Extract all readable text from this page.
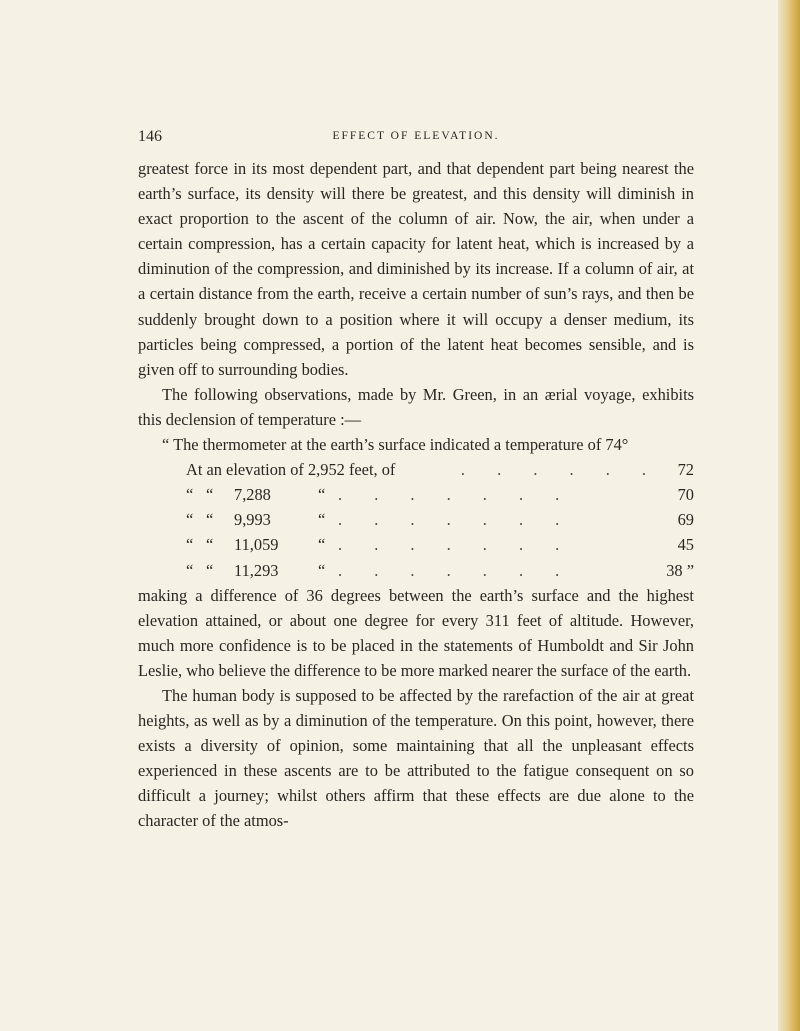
146	EFFECT OF ELEVATION.

greatest force in its most dependent part, and that dependent part being nearest the earth’s surface, its density will there be greatest, and this density will diminish in exact proportion to the ascent of the column of air. Now, the air, when under a certain compression, has a certain capacity for latent heat, which is increased by a diminution of the compression, and diminished by its increase. If a column of air, at a certain distance from the earth, receive a certain number of sun’s rays, and then be suddenly brought down to a position where it will occupy a denser medium, its particles being compressed, a portion of the latent heat becomes sensible, and is given off to surrounding bodies.

The following observations, made by Mr. Green, in an ærial voyage, exhibits this declension of temperature :—

“ The thermometer at the earth’s surface indicated a temperature of 74°

At an elevation of 2,952 feet, of	. . . . . .	72
“ “	7,288	“ . . . . . . .	70
“ “	9,993	“ . . . . . . .	69
“ “	11,059	“ . . . . . . .	45
“ “	11,293	“ . . . . . . .	38 ”

making a difference of 36 degrees between the earth’s surface and the highest elevation attained, or about one degree for every 311 feet of altitude. However, much more confidence is to be placed in the statements of Humboldt and Sir John Leslie, who believe the difference to be more marked nearer the surface of the earth.

The human body is supposed to be affected by the rarefaction of the air at great heights, as well as by a diminution of the temperature. On this point, however, there exists a diversity of opinion, some maintaining that all the unpleasant effects experienced in these ascents are to be attributed to the fatigue consequent on so difficult a journey; whilst others affirm that these effects are due alone to the character of the atmos-
